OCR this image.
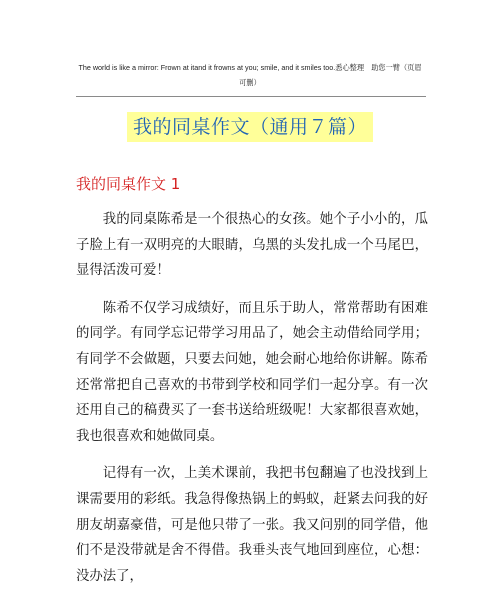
The world is like a mirror: Frown at itand it frowns at you; smile, and it smiles too.悉心整理　助您一臂（页眉
可删）
我的同桌作文（通用７篇）
我的同桌作文 1

我的同桌陈希是一个很热心的女孩。她个子小小的，瓜子脸上有一双明亮的大眼睛，乌黑的头发扎成一个马尾巴，显得活泼可爱！

陈希不仅学习成绩好，而且乐于助人，常常帮助有困难的同学。有同学忘记带学习用品了，她会主动借给同学用；有同学不会做题，只要去问她，她会耐心地给你讲解。陈希还常常把自己喜欢的书带到学校和同学们一起分享。有一次还用自己的稿费买了一套书送给班级呢！大家都很喜欢她，我也很喜欢和她做同桌。

记得有一次，上美术课前，我把书包翻遍了也没找到上课需要用的彩纸。我急得像热锅上的蚂蚁，赶紧去问我的好朋友胡嘉豪借，可是他只带了一张。我又问别的同学借，他们不是没带就是舍不得借。我垂头丧气地回到座位，心想：没办法了，
